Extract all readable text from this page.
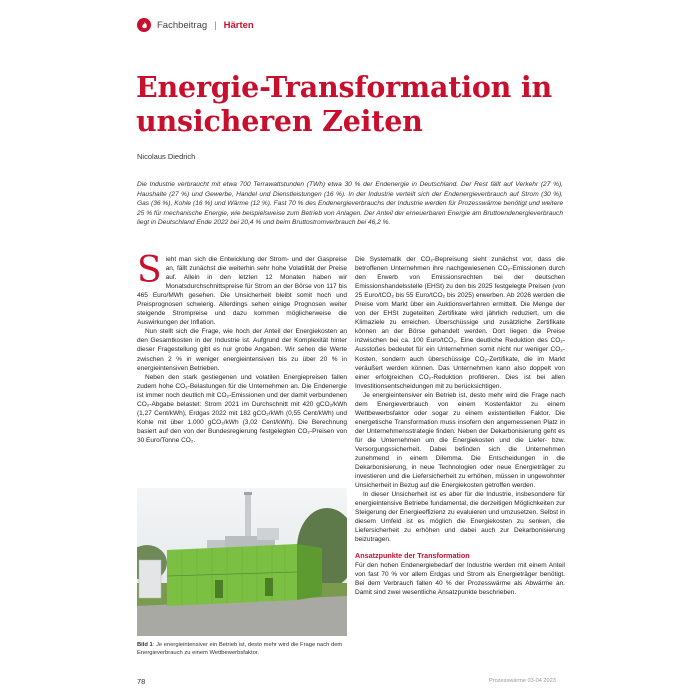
Fachbeitrag | Härten
Energie-Transformation in unsicheren Zeiten
Nicolaus Diedrich

Die Industrie verbraucht mit etwa 700 Terrawattstunden (TWh) etwa 30 % der Endenergie in Deutschland. Der Rest fällt auf Verkehr (27 %), Haushalte (27 %) und Gewerbe, Handel und Dienstleistungen (16 %). In der Industrie verteilt sich der Endenergieverbrauch auf Strom (30 %), Gas (36 %), Kohle (16 %) und Wärme (12 %). Fast 70 % des Endenergieverbrauchs der Industrie werden für Prozesswärme benötigt und weitere 25 % für mechanische Energie, wie beispielsweise zum Betrieb von Anlagen. Der Anteil der erneuerbaren Energie am Bruttoendenergieverbrauch liegt in Deutschland Ende 2022 bei 20,4 % und beim Bruttostromverbrauch bei 46,2 %.

Sieht man sich die Entwicklung der Strom- und der Gaspreise an, fällt zunächst die weiterhin sehr hohe Volatilität der Preise auf. Allein in den letzten 12 Monaten haben wir Monatsdurchschnittspreise für Strom an der Börse von 117 bis 465 Euro/MWh gesehen. Die Unsicherheit bleibt somit hoch und Preisprognosen schwierig. Allerdings sehen einige Prognosen weiter steigende Strompreise und dazu kommen möglicherweise die Auswirkungen der Inflation.

Nun stellt sich die Frage, wie hoch der Anteil der Energiekosten an den Gesamtkosten in der Industrie ist. Aufgrund der Komplexität hinter dieser Fragestellung gibt es nur grobe Angaben. Wir sehen die Werte zwischen 2 % in weniger energieintensiven bis zu über 20 % in energieintensiven Betrieben.

Neben den stark gestiegenen und volatilen Energiepreisen fallen zudem hohe CO₂-Belastungen für die Unternehmen an. Die Endenergie ist immer noch deutlich mit CO₂-Emissionen und der damit verbundenen CO₂-Abgabe belastet: Strom 2021 im Durchschnitt mit 420 gCO₂/kWh (1,27 Cent/kWh), Erdgas 2022 mit 182 gCO₂/kWh (0,55 Cent/kWh) und Kohle mit über 1.000 gCO₂/kWh (3,02 Cent/kWh). Die Berechnung basiert auf den von der Bundesregierung festgelegten CO₂-Preisen von 30 Euro/Tonne CO₂.

Bild 1: Je energieintensiver ein Betrieb ist, desto mehr wird die Frage nach dem Energieverbrauch zu einem Wettbewerbsfaktor.

Die Systematik der CO₂-Bepreisung sieht zunächst vor, dass die betroffenen Unternehmen ihre nachgewiesenen CO₂-Emissionen durch den Erwerb von Emissionsrechten bei der deutschen Emissionshandelsstelle (EHSt) zu den bis 2025 festgelegte Preisen (von 25 Euro/tCO₂ bis 55 Euro/tCO₂ bis 2025) erwerben. Ab 2026 werden die Preise vom Markt über ein Auktionsverfahren ermittelt. Die Menge der von der EHSt zugeteilten Zertifikate wird jährlich reduziert, um die Klimaziele zu erreichen. Überschüssige und zusätzliche Zertifikate können an der Börse gehandelt werden. Dort liegen die Preise inzwischen bei ca. 100 Euro/tCO₂. Eine deutliche Reduktion des CO₂-Ausstoßes bedeutet für ein Unternehmen somit nicht nur weniger CO₂-Kosten, sondern auch überschüssige CO₂-Zertifikate, die im Markt veräußert werden können. Das Unternehmen kann also doppelt von einer erfolgreichen CO₂-Reduktion profitieren. Dies ist bei allen Investitionsentscheidungen mit zu berücksichtigen.

Je energieintensiver ein Betrieb ist, desto mehr wird die Frage nach dem Energieverbrauch von einem Kostenfaktor zu einem Wettbewerbsfaktor oder sogar zu einem existentiellen Faktor. Die energetische Transformation muss insofern den angemessenen Platz in der Unternehmensstrategie finden. Neben der Dekarbonisierung geht es für die Unternehmen um die Energiekosten und die Liefer- bzw. Versorgungssicherheit. Dabei befinden sich die Unternehmen zunehmend in einem Dilemma. Die Entscheidungen in die Dekarbonisierung, in neue Technologien oder neue Energieträger zu investieren und die Liefersicherheit zu erhöhen, müssen in ungewohnter Unsicherheit in Bezug auf die Energiekosten getroffen werden.

In dieser Unsicherheit ist es aber für die Industrie, insbesondere für energieintensive Betriebe fundamental, die derzeitigen Möglichkeiten zur Steigerung der Energieeffizienz zu evaluieren und umzusetzen. Selbst in diesem Umfeld ist es möglich die Energiekosten zu senken, die Liefersicherheit zu erhöhen und dabei auch zur Dekarbonisierung beizutragen.

Ansatzpunkte der Transformation

Für den hohen Endenergiebedarf der Industrie werden mit einem Anteil von fast 70 % vor allem Erdgas und Strom als Energieträger benötigt. Bei dem Verbrauch fallen 40 % der Prozesswärme als Abwärme an. Damit sind zwei wesentliche Ansatzpunkte beschrieben.

78	Prozesswärme 03-04 2023
